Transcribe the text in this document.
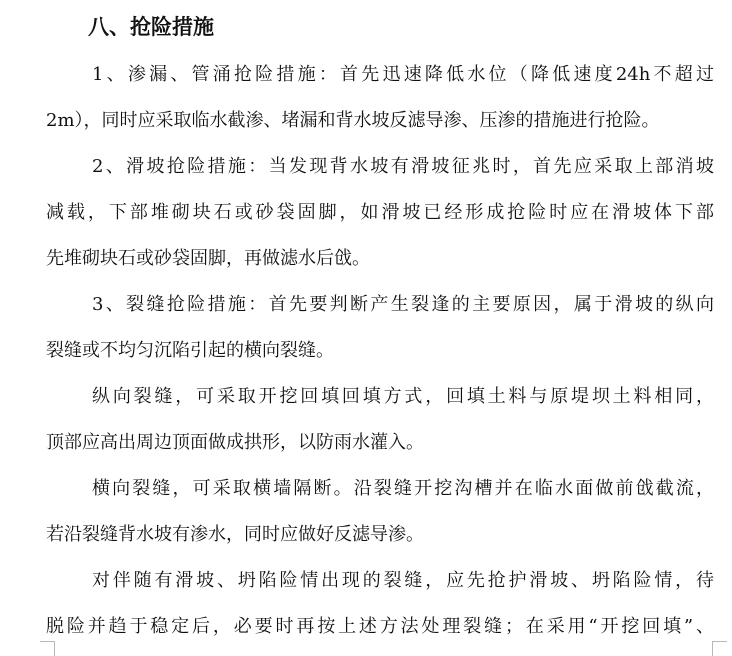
八、抢险措施
1、渗漏、管涌抢险措施：首先迅速降低水位（降低速度24h不超过
2m），同时应采取临水截渗、堵漏和背水坡反滤导渗、压渗的措施进行抢险。
2、滑坡抢险措施：当发现背水坡有滑坡征兆时，首先应采取上部消坡
减载，下部堆砌块石或砂袋固脚，如滑坡已经形成抢险时应在滑坡体下部
先堆砌块石或砂袋固脚，再做滤水后戗。
3、裂缝抢险措施：首先要判断产生裂逢的主要原因，属于滑坡的纵向
裂缝或不均匀沉陷引起的横向裂缝。
纵向裂缝，可采取开挖回填回填方式，回填土料与原堤坝土料相同，
顶部应高出周边顶面做成拱形，以防雨水灌入。
横向裂缝，可采取横墙隔断。沿裂缝开挖沟槽并在临水面做前戗截流，
若沿裂缝背水坡有渗水，同时应做好反滤导渗。
对伴随有滑坡、坍陷险情出现的裂缝，应先抢护滑坡、坍陷险情，待
脱险并趋于稳定后，必要时再按上述方法处理裂缝；在采用“开挖回填”、
